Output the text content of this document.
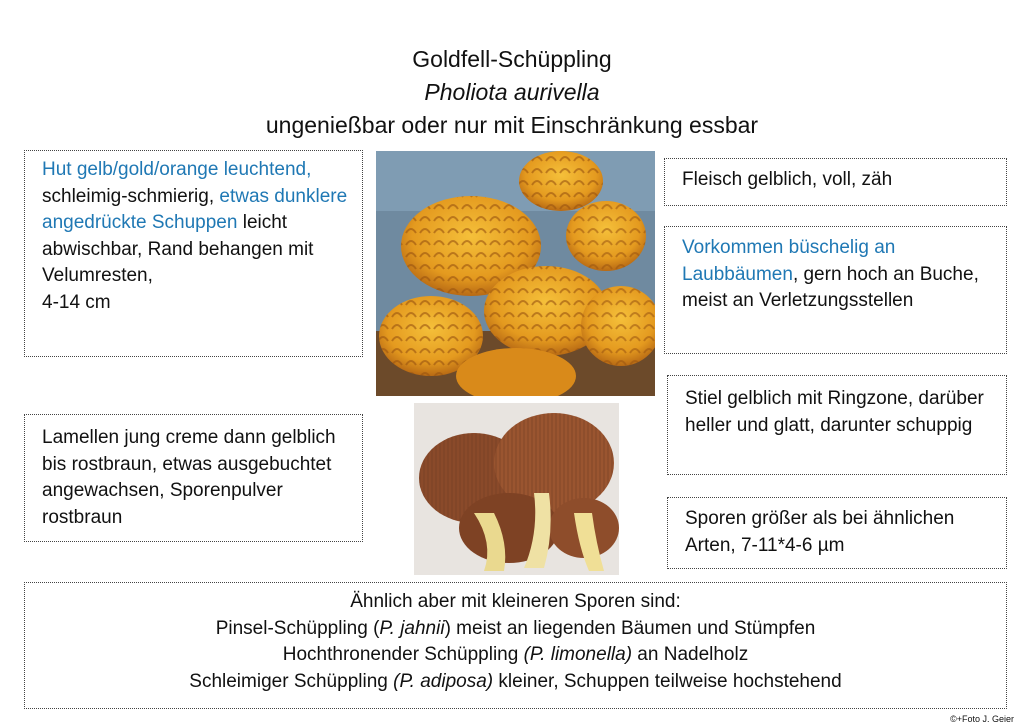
Goldfell-Schüppling
Pholiota aurivella
ungenießbar oder nur mit Einschränkung essbar
Hut gelb/gold/orange leuchtend, schleimig-schmierig, etwas dunklere angedrückte Schuppen leicht abwischbar, Rand behangen mit Velumresten,
4-14 cm
Lamellen jung creme dann gelblich bis rostbraun, etwas ausgebuchtet angewachsen, Sporenpulver rostbraun
Fleisch gelblich, voll, zäh
Vorkommen büschelig an Laubbäumen, gern hoch an Buche, meist an Verletzungsstellen
Stiel gelblich mit Ringzone, darüber heller und glatt, darunter schuppig
Sporen größer als bei ähnlichen Arten, 7-11*4-6 µm
Ähnlich aber mit kleineren Sporen sind:
Pinsel-Schüppling (P. jahnii) meist an liegenden Bäumen und Stümpfen
Hochthronender Schüppling (P. limonella) an Nadelholz
Schleimiger Schüppling (P. adiposa) kleiner, Schuppen teilweise hochstehend
©+Foto J. Geier
